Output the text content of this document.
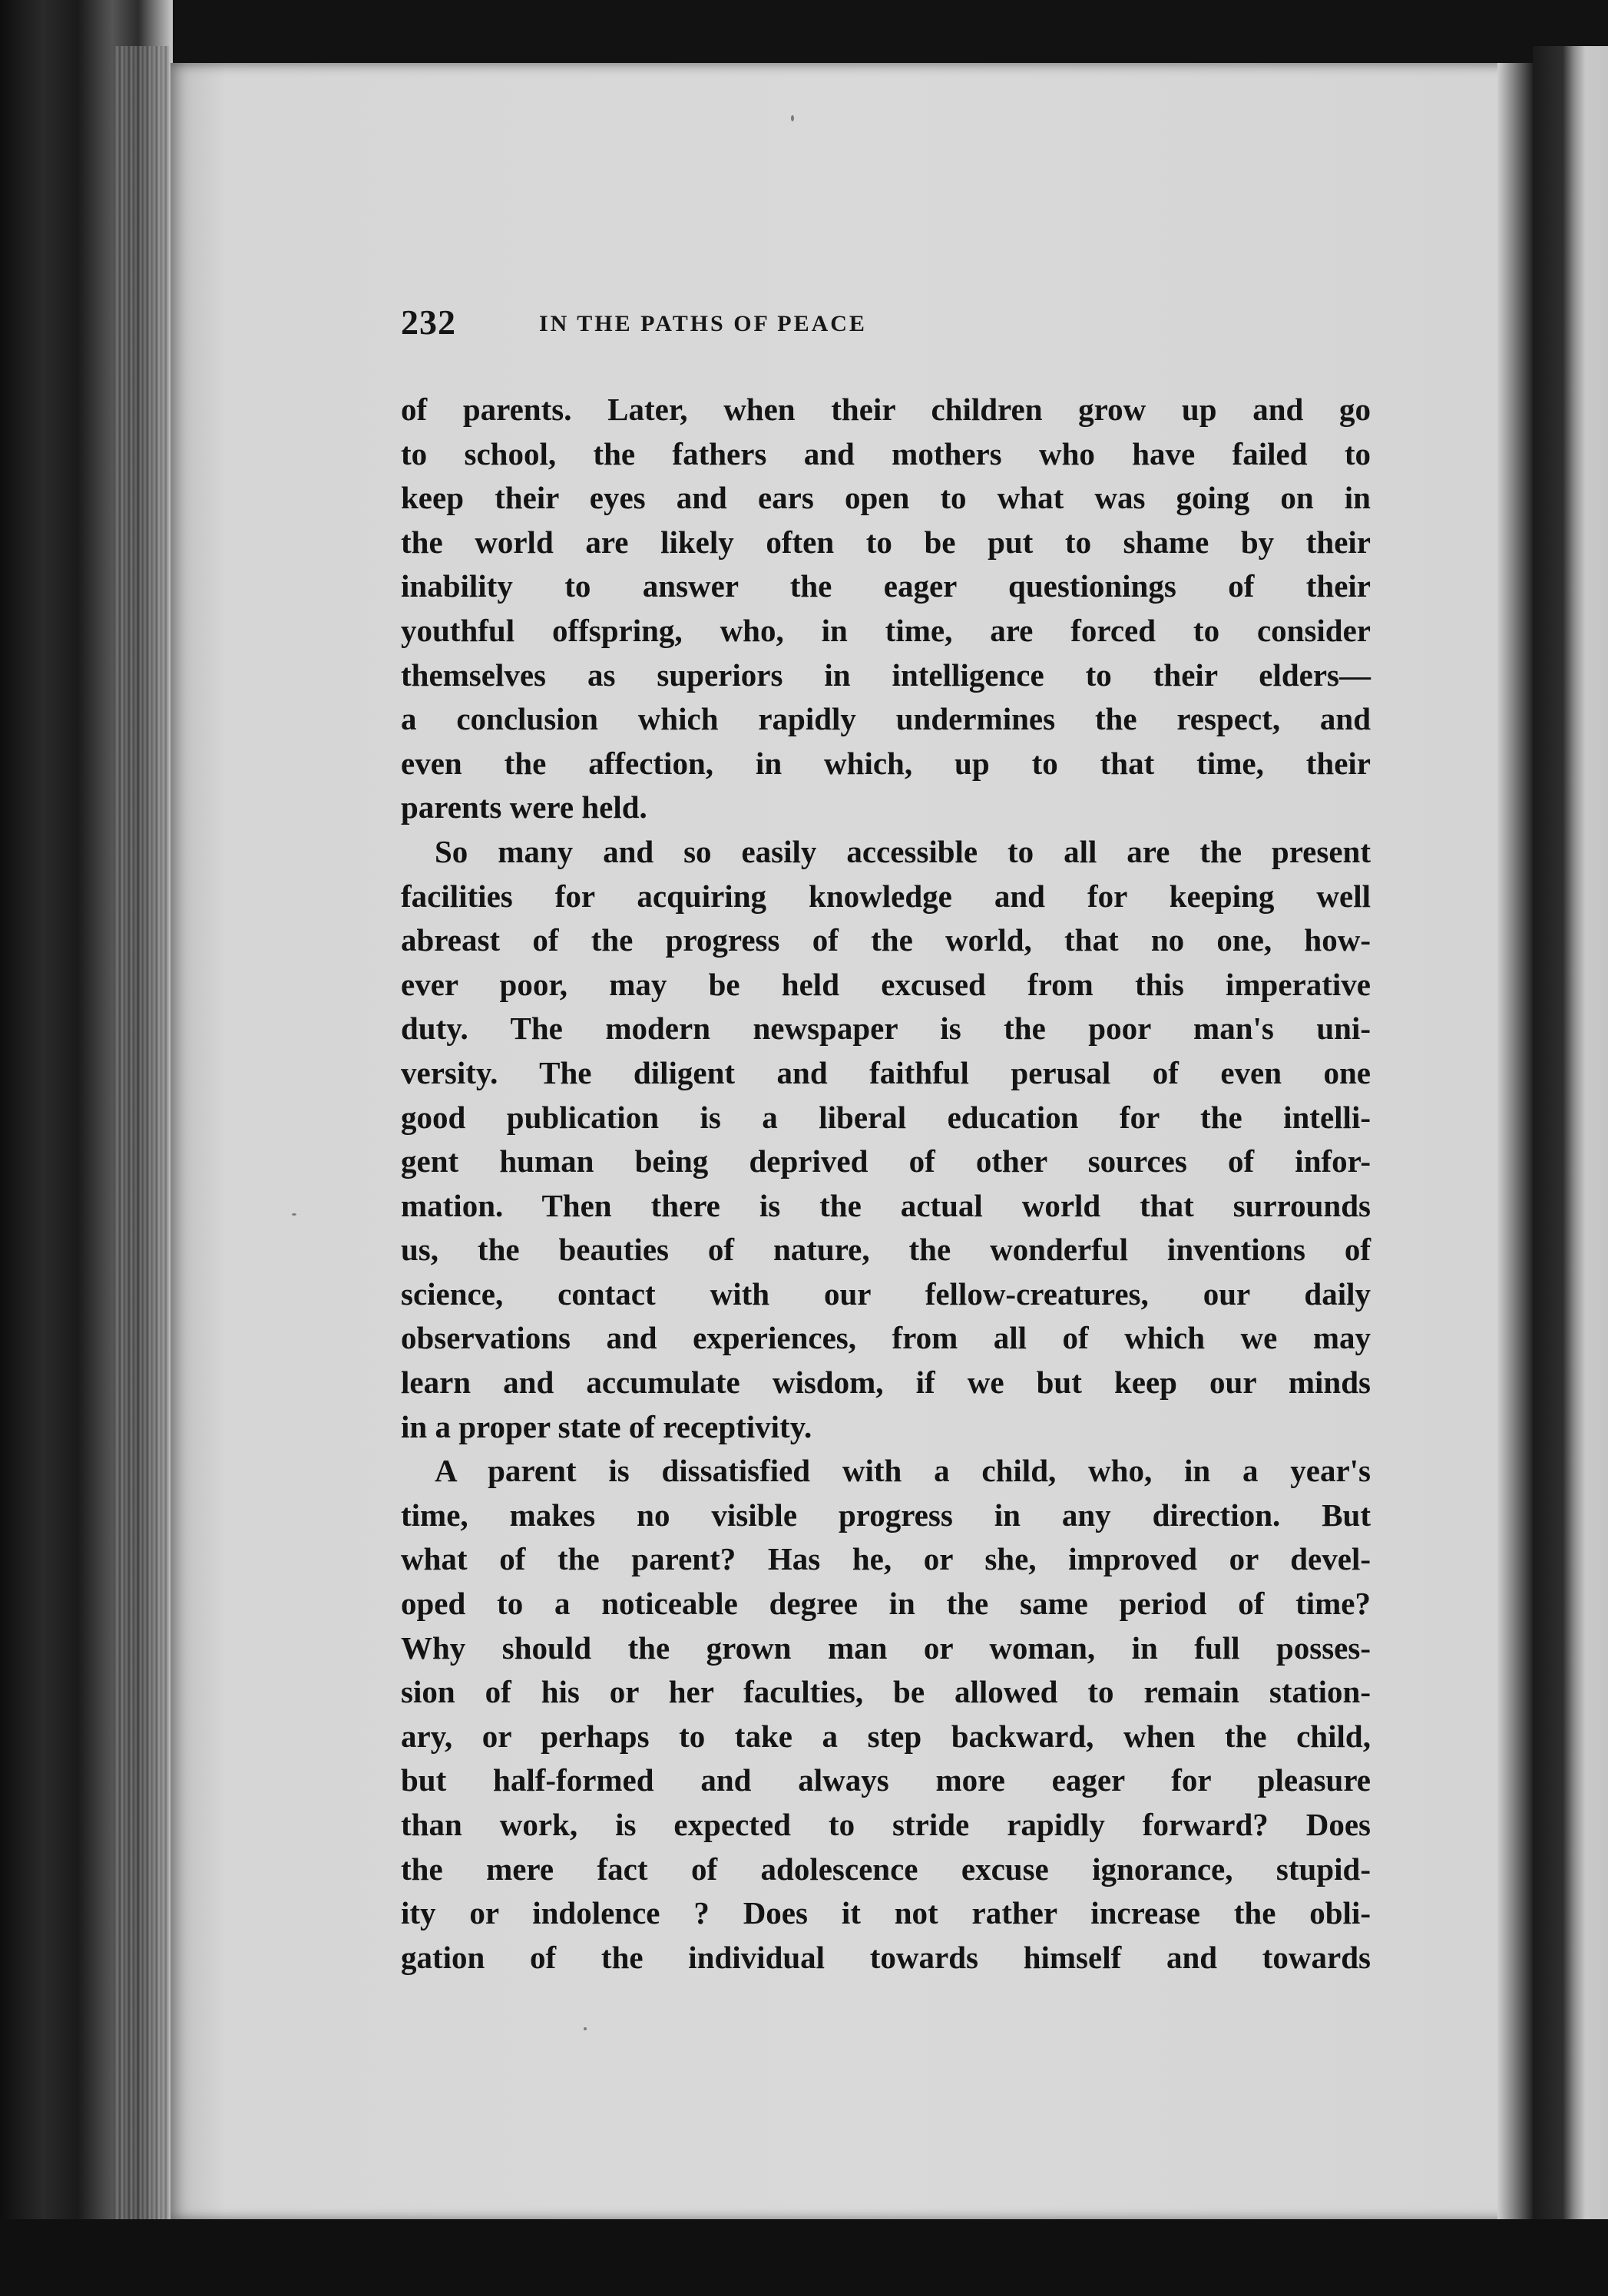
232	IN THE PATHS OF PEACE
of parents. Later, when their children grow up and go
to school, the fathers and mothers who have failed to
keep their eyes and ears open to what was going on in
the world are likely often to be put to shame by their
inability to answer the eager questionings of their
youthful offspring, who, in time, are forced to consider
themselves as superiors in intelligence to their elders—
a conclusion which rapidly undermines the respect, and
even the affection, in which, up to that time, their
parents were held.
So many and so easily accessible to all are the present
facilities for acquiring knowledge and for keeping well
abreast of the progress of the world, that no one, how-
ever poor, may be held excused from this imperative
duty. The modern newspaper is the poor man's uni-
versity. The diligent and faithful perusal of even one
good publication is a liberal education for the intelli-
gent human being deprived of other sources of infor-
mation. Then there is the actual world that surrounds
us, the beauties of nature, the wonderful inventions of
science, contact with our fellow-creatures, our daily
observations and experiences, from all of which we may
learn and accumulate wisdom, if we but keep our minds
in a proper state of receptivity.
A parent is dissatisfied with a child, who, in a year's
time, makes no visible progress in any direction. But
what of the parent? Has he, or she, improved or devel-
oped to a noticeable degree in the same period of time?
Why should the grown man or woman, in full posses-
sion of his or her faculties, be allowed to remain station-
ary, or perhaps to take a step backward, when the child,
but half-formed and always more eager for pleasure
than work, is expected to stride rapidly forward? Does
the mere fact of adolescence excuse ignorance, stupid-
ity or indolence ? Does it not rather increase the obli-
gation of the individual towards himself and towards
